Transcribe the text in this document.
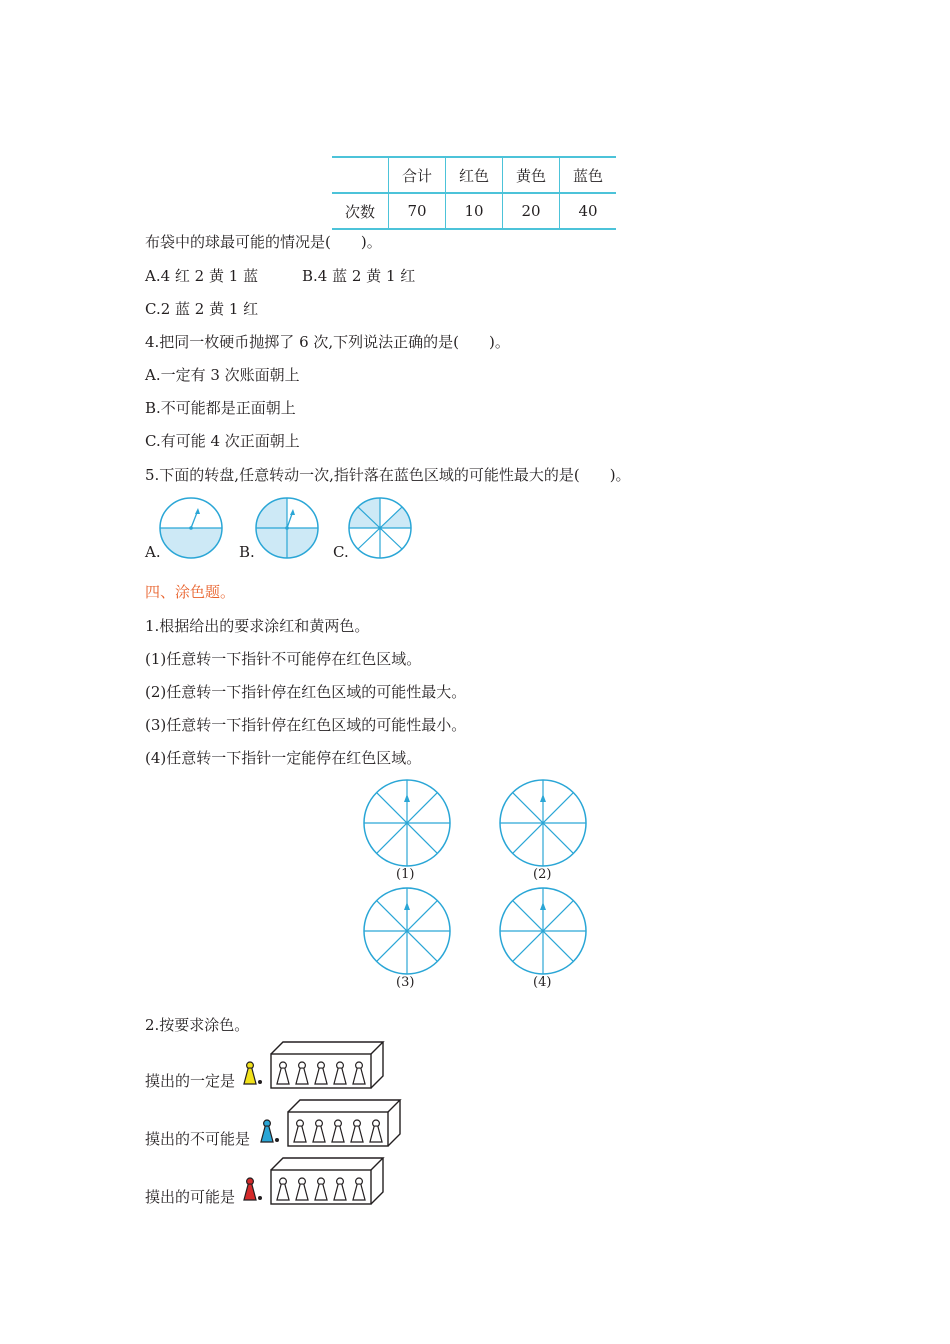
	合计	红色	黄色	蓝色
次数	70	10	20	40
布袋中的球最可能的情况是(　　)。
A.4 红 2 黄 1 蓝	B.4 蓝 2 黄 1 红
C.2 蓝 2 黄 1 红
4.把同一枚硬币抛掷了 6 次,下列说法正确的是(　　)。
A.一定有 3 次账面朝上
B.不可能都是正面朝上
C.有可能 4 次正面朝上
5.下面的转盘,任意转动一次,指针落在蓝色区域的可能性最大的是(　　)。
A.	B.	C.
四、涂色题。
1.根据给出的要求涂红和黄两色。
(1)任意转一下指针不可能停在红色区域。
(2)任意转一下指针停在红色区域的可能性最大。
(3)任意转一下指针停在红色区域的可能性最小。
(4)任意转一下指针一定能停在红色区域。
(1)	(2)
(3)	(4)
2.按要求涂色。
摸出的一定是
摸出的不可能是
摸出的可能是
